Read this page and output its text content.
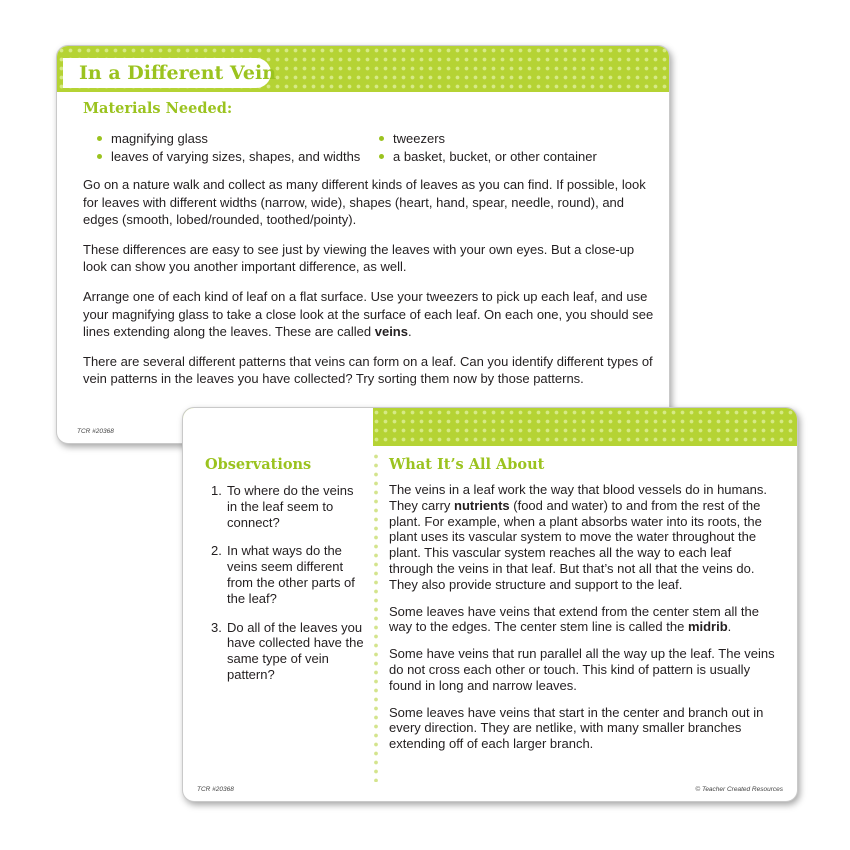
In a Different Vein
Materials Needed:
magnifying glass
leaves of varying sizes, shapes, and widths
tweezers
a basket, bucket, or other container

Go on a nature walk and collect as many different kinds of leaves as you can find. If possible, look for leaves with different widths (narrow, wide), shapes (heart, hand, spear, needle, round), and edges (smooth, lobed/rounded, toothed/pointy).

These differences are easy to see just by viewing the leaves with your own eyes. But a close-up look can show you another important difference, as well.

Arrange one of each kind of leaf on a flat surface. Use your tweezers to pick up each leaf, and use your magnifying glass to take a close look at the surface of each leaf. On each one, you should see lines extending along the leaves. These are called veins.

There are several different patterns that veins can form on a leaf. Can you identify different types of vein patterns in the leaves you have collected? Try sorting them now by those patterns.

TCR #20368
Observations	What It’s All About
1. To where do the veins in the leaf seem to connect?
2. In what ways do the veins seem different from the other parts of the leaf?
3. Do all of the leaves you have collected have the same type of vein pattern?

The veins in a leaf work the way that blood vessels do in humans. They carry nutrients (food and water) to and from the rest of the plant. For example, when a plant absorbs water into its roots, the plant uses its vascular system to move the water throughout the plant. This vascular system reaches all the way to each leaf through the veins in that leaf. But that’s not all that the veins do. They also provide structure and support to the leaf.

Some leaves have veins that extend from the center stem all the way to the edges. The center stem line is called the midrib.

Some have veins that run parallel all the way up the leaf. The veins do not cross each other or touch. This kind of pattern is usually found in long and narrow leaves.

Some leaves have veins that start in the center and branch out in every direction. They are netlike, with many smaller branches extending off of each larger branch.

TCR #20368	© Teacher Created Resources
